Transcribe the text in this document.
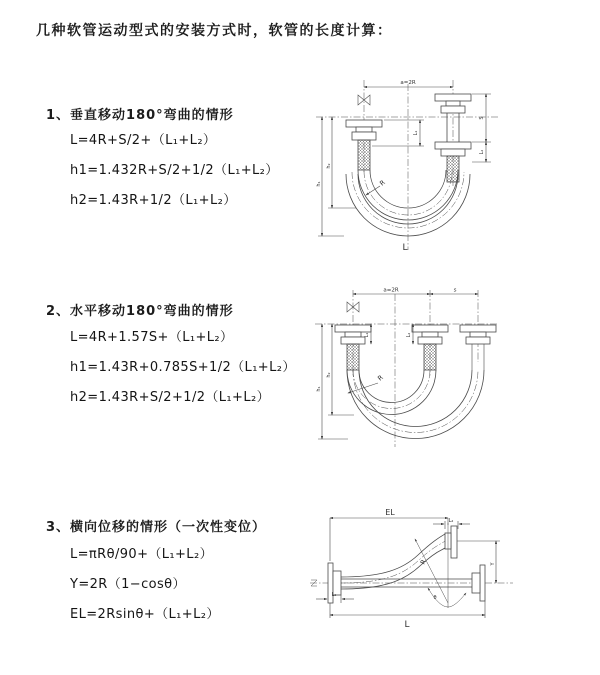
几种软管运动型式的安装方式时，软管的长度计算：
1、垂直移动180°弯曲的情形
L=4R+S/2+（L₁+L₂）
h1=1.432R+S/2+1/2（L₁+L₂）
h2=1.43R+1/2（L₁+L₂）
2、水平移动180°弯曲的情形
L=4R+1.57S+（L₁+L₂）
h1=1.43R+0.785S+1/2（L₁+L₂）
h2=1.43R+S/2+1/2（L₁+L₂）
3、横向位移的情形（一次性变位）
L=πRθ/90+（L₁+L₂）
Y=2R（1−cosθ）
EL=2Rsinθ+（L₁+L₂）
a=2R
h₁
h₂
L₁
S
L₂
R
L
a=2R	s
h₁
h₂
L₁	L₂
R
EL
L₂
Y
L
L₁
R
θ
